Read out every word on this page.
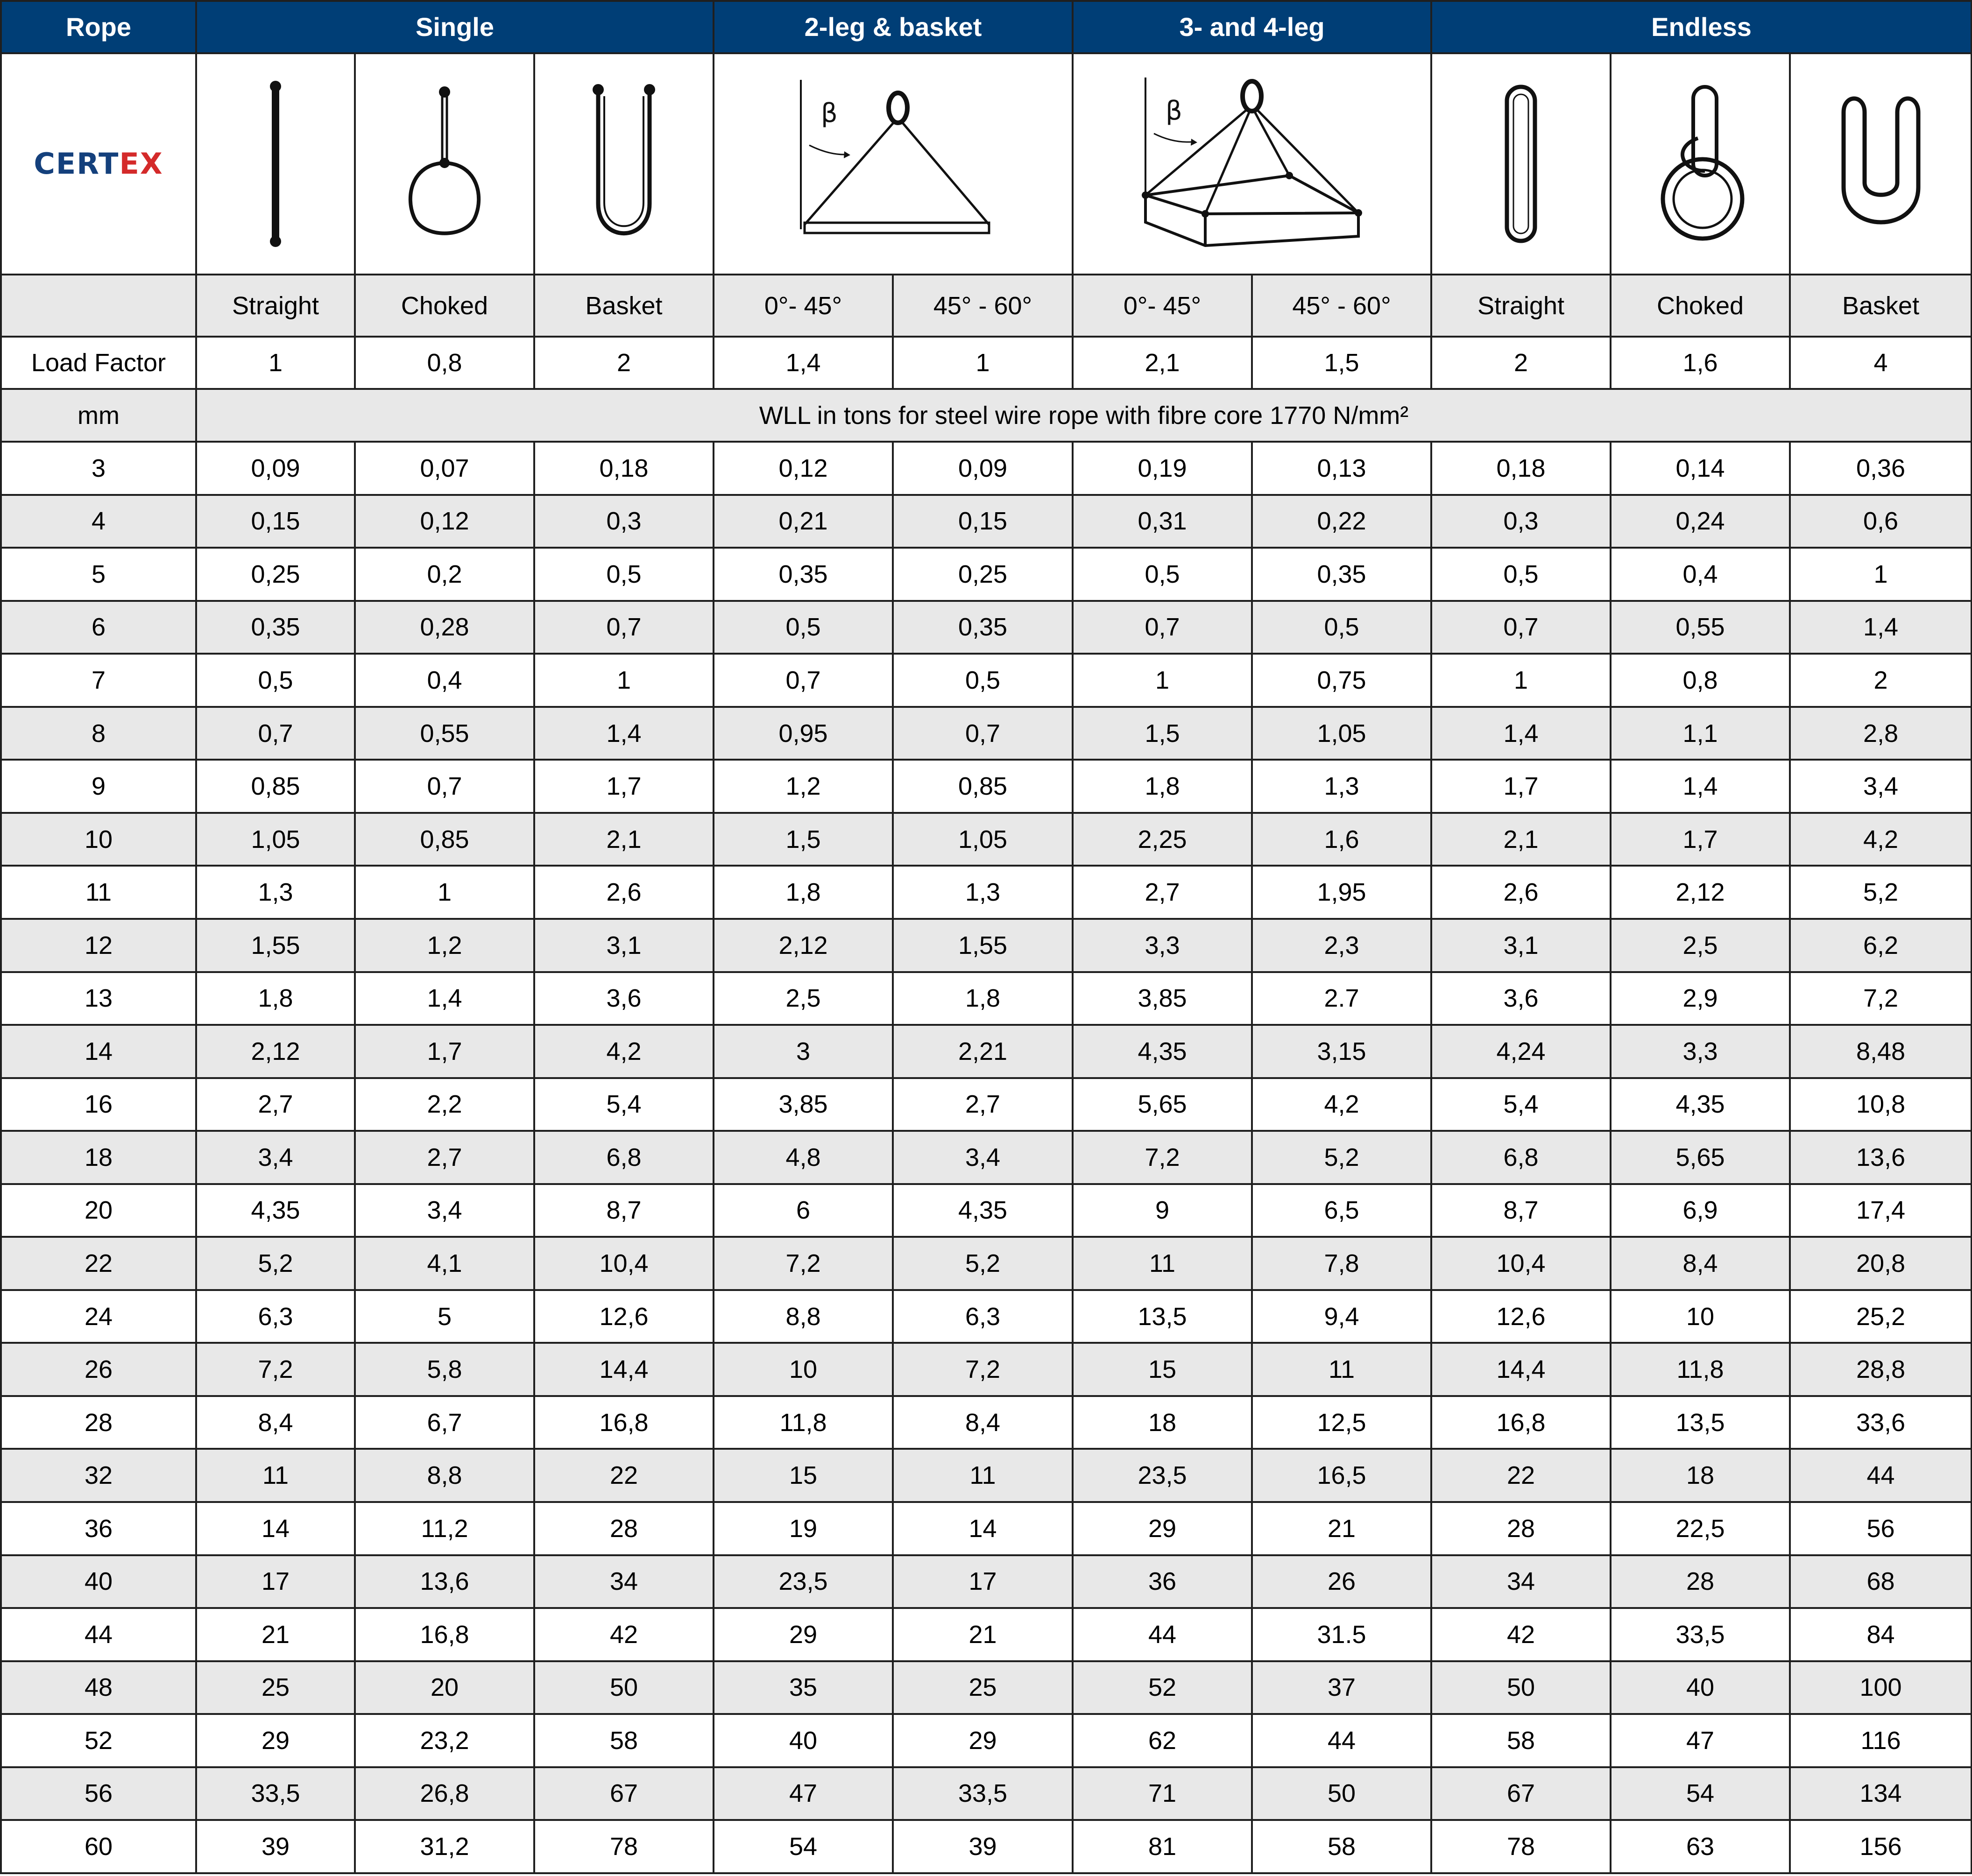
Rope	Single			2-leg & basket		3- and 4-leg		Endless		
CERTEX				β		β

	Straight	Choked	Basket	0°- 45°	45° - 60°	0°- 45°	45° - 60°	Straight	Choked	Basket
Load Factor	1	0,8	2	1,4	1	2,1	1,5	2	1,6	4
mm	WLL in tons for steel wire rope with fibre core 1770 N/mm²									
3	0,09	0,07	0,18	0,12	0,09	0,19	0,13	0,18	0,14	0,36
4	0,15	0,12	0,3	0,21	0,15	0,31	0,22	0,3	0,24	0,6
5	0,25	0,2	0,5	0,35	0,25	0,5	0,35	0,5	0,4	1
6	0,35	0,28	0,7	0,5	0,35	0,7	0,5	0,7	0,55	1,4
7	0,5	0,4	1	0,7	0,5	1	0,75	1	0,8	2
8	0,7	0,55	1,4	0,95	0,7	1,5	1,05	1,4	1,1	2,8
9	0,85	0,7	1,7	1,2	0,85	1,8	1,3	1,7	1,4	3,4
10	1,05	0,85	2,1	1,5	1,05	2,25	1,6	2,1	1,7	4,2
11	1,3	1	2,6	1,8	1,3	2,7	1,95	2,6	2,12	5,2
12	1,55	1,2	3,1	2,12	1,55	3,3	2,3	3,1	2,5	6,2
13	1,8	1,4	3,6	2,5	1,8	3,85	2.7	3,6	2,9	7,2
14	2,12	1,7	4,2	3	2,21	4,35	3,15	4,24	3,3	8,48
16	2,7	2,2	5,4	3,85	2,7	5,65	4,2	5,4	4,35	10,8
18	3,4	2,7	6,8	4,8	3,4	7,2	5,2	6,8	5,65	13,6
20	4,35	3,4	8,7	6	4,35	9	6,5	8,7	6,9	17,4
22	5,2	4,1	10,4	7,2	5,2	11	7,8	10,4	8,4	20,8
24	6,3	5	12,6	8,8	6,3	13,5	9,4	12,6	10	25,2
26	7,2	5,8	14,4	10	7,2	15	11	14,4	11,8	28,8
28	8,4	6,7	16,8	11,8	8,4	18	12,5	16,8	13,5	33,6
32	11	8,8	22	15	11	23,5	16,5	22	18	44
36	14	11,2	28	19	14	29	21	28	22,5	56
40	17	13,6	34	23,5	17	36	26	34	28	68
44	21	16,8	42	29	21	44	31.5	42	33,5	84
48	25	20	50	35	25	52	37	50	40	100
52	29	23,2	58	40	29	62	44	58	47	116
56	33,5	26,8	67	47	33,5	71	50	67	54	134
60	39	31,2	78	54	39	81	58	78	63	156
